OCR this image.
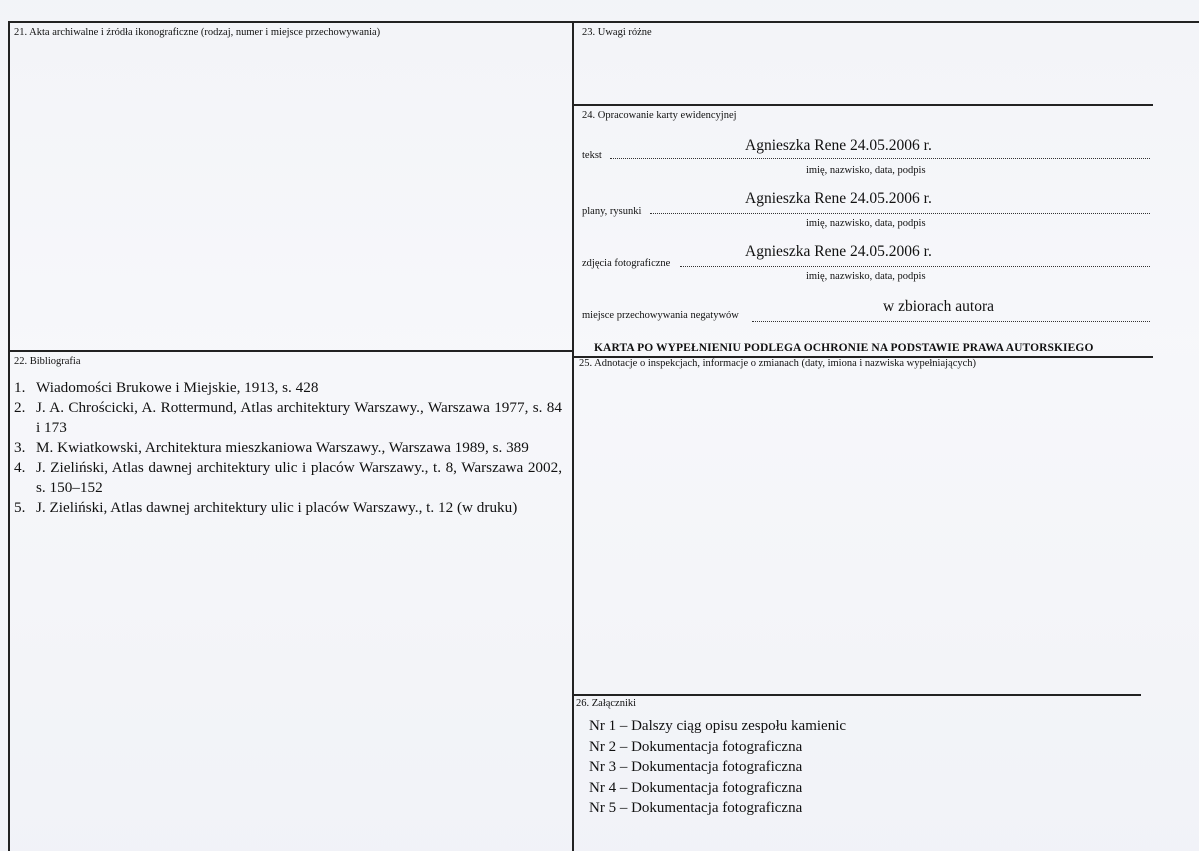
21. Akta archiwalne i źródła ikonograficzne (rodzaj, numer i miejsce przechowywania)
22. Bibliografia
1. Wiadomości Brukowe i Miejskie, 1913, s. 428
2. J. A. Chrościcki, A. Rottermund, Atlas architektury Warszawy., Warszawa 1977, s. 84 i 173
3. M. Kwiatkowski, Architektura mieszkaniowa Warszawy., Warszawa 1989, s. 389
4. J. Zieliński, Atlas dawnej architektury ulic i placów Warszawy., t. 8, Warszawa 2002, s. 150–152
5. J. Zieliński, Atlas dawnej architektury ulic i placów Warszawy., t. 12 (w druku)
23. Uwagi różne
24. Opracowanie karty ewidencyjnej
tekst
Agnieszka Rene 24.05.2006 r.
imię, nazwisko, data, podpis
plany, rysunki
Agnieszka Rene 24.05.2006 r.
imię, nazwisko, data, podpis
zdjęcia fotograficzne
Agnieszka Rene 24.05.2006 r.
imię, nazwisko, data, podpis
miejsce przechowywania negatywów
w zbiorach autora
KARTA PO WYPEŁNIENIU PODLEGA OCHRONIE NA PODSTAWIE PRAWA AUTORSKIEGO
25. Adnotacje o inspekcjach, informacje o zmianach (daty, imiona i nazwiska wypełniających)
26. Załączniki
Nr 1 – Dalszy ciąg opisu zespołu kamienic
Nr 2 – Dokumentacja fotograficzna
Nr 3 – Dokumentacja fotograficzna
Nr 4 – Dokumentacja fotograficzna
Nr 5 – Dokumentacja fotograficzna
